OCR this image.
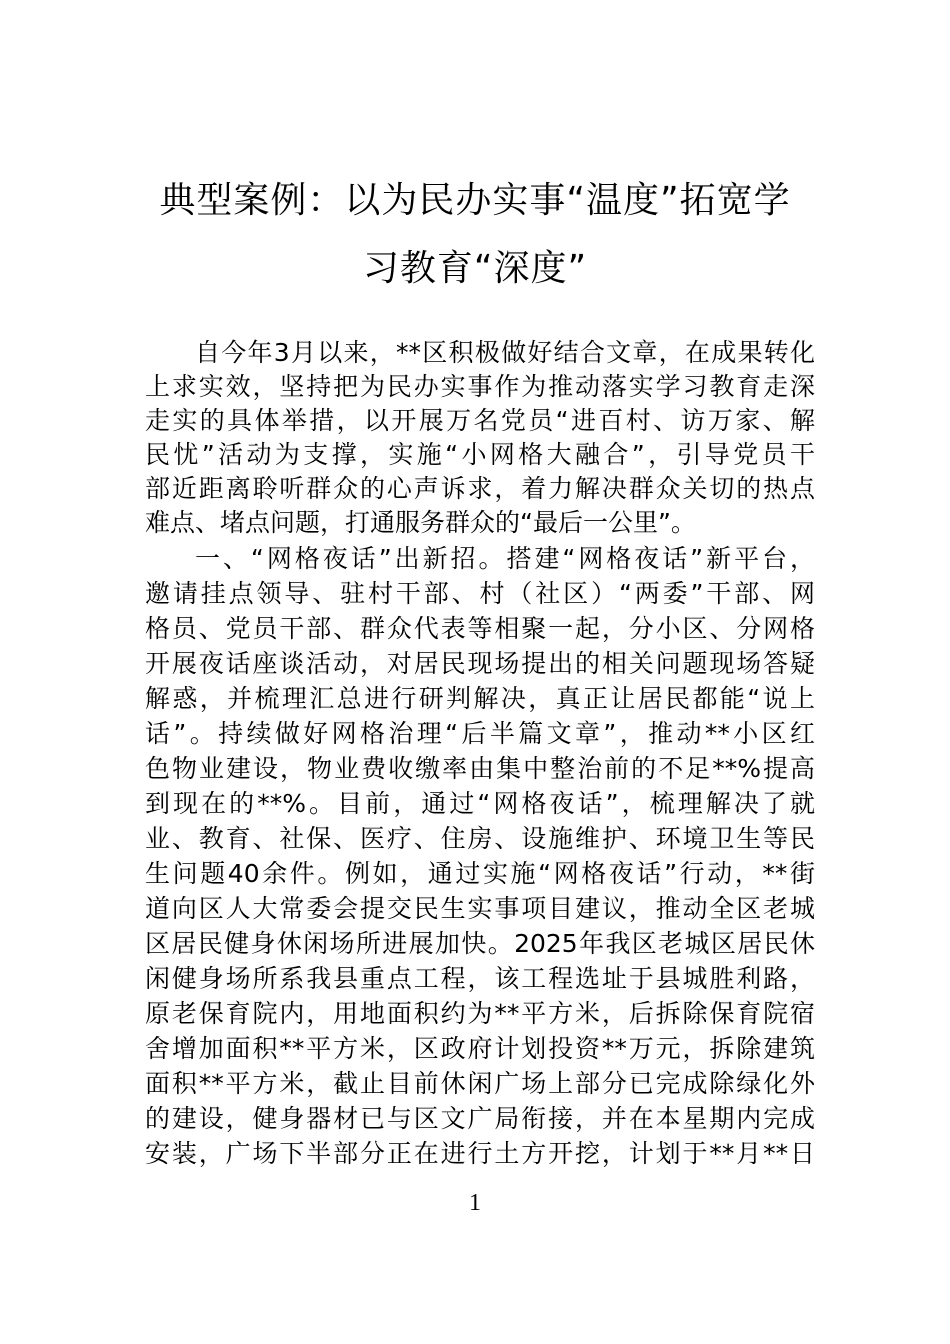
典型案例：以为民办实事“温度”拓宽学
习教育“深度”
自今年3月以来，**区积极做好结合文章，在成果转化
上求实效，坚持把为民办实事作为推动落实学习教育走深
走实的具体举措，以开展万名党员“进百村、访万家、解
民忧”活动为支撑，实施“小网格大融合”，引导党员干
部近距离聆听群众的心声诉求，着力解决群众关切的热点
难点、堵点问题，打通服务群众的“最后一公里”。
一、“网格夜话”出新招。搭建“网格夜话”新平台，
邀请挂点领导、驻村干部、村（社区）“两委”干部、网
格员、党员干部、群众代表等相聚一起，分小区、分网格
开展夜话座谈活动，对居民现场提出的相关问题现场答疑
解惑，并梳理汇总进行研判解决，真正让居民都能“说上
话”。持续做好网格治理“后半篇文章”，推动**小区红
色物业建设，物业费收缴率由集中整治前的不足**%提高
到现在的**%。目前，通过“网格夜话”，梳理解决了就
业、教育、社保、医疗、住房、设施维护、环境卫生等民
生问题40余件。例如，通过实施“网格夜话”行动，**街
道向区人大常委会提交民生实事项目建议，推动全区老城
区居民健身休闲场所进展加快。2025年我区老城区居民休
闲健身场所系我县重点工程，该工程选址于县城胜利路，
原老保育院内，用地面积约为**平方米，后拆除保育院宿
舍增加面积**平方米，区政府计划投资**万元，拆除建筑
面积**平方米，截止目前休闲广场上部分已完成除绿化外
的建设，健身器材已与区文广局衔接，并在本星期内完成
安装，广场下半部分正在进行土方开挖，计划于**月**日
1
